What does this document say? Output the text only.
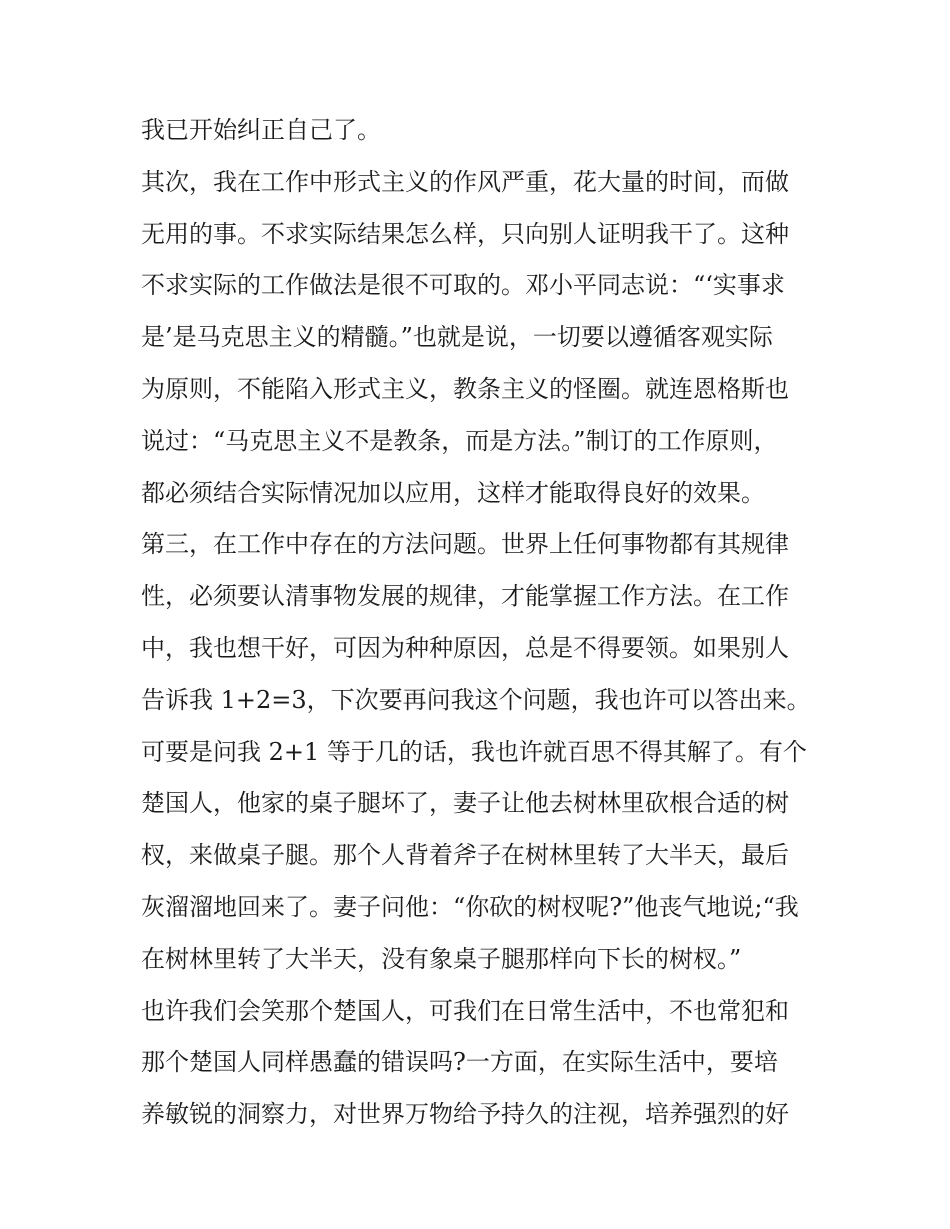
我已开始纠正自己了。
其次，我在工作中形式主义的作风严重，花大量的时间，而做
无用的事。不求实际结果怎么样，只向别人证明我干了。这种
不求实际的工作做法是很不可取的。邓小平同志说：“‘实事求
是’是马克思主义的精髓。”也就是说，一切要以遵循客观实际
为原则，不能陷入形式主义，教条主义的怪圈。就连恩格斯也
说过：“马克思主义不是教条，而是方法。”制订的工作原则，
都必须结合实际情况加以应用，这样才能取得良好的效果。
第三，在工作中存在的方法问题。世界上任何事物都有其规律
性，必须要认清事物发展的规律，才能掌握工作方法。在工作
中，我也想干好，可因为种种原因，总是不得要领。如果别人
告诉我 1+2=3，下次要再问我这个问题，我也许可以答出来。
可要是问我 2+1 等于几的话，我也许就百思不得其解了。有个
楚国人，他家的桌子腿坏了，妻子让他去树林里砍根合适的树
杈，来做桌子腿。那个人背着斧子在树林里转了大半天，最后
灰溜溜地回来了。妻子问他：“你砍的树杈呢?”他丧气地说;“我
在树林里转了大半天，没有象桌子腿那样向下长的树杈。”
也许我们会笑那个楚国人，可我们在日常生活中，不也常犯和
那个楚国人同样愚蠢的错误吗?一方面，在实际生活中，要培
养敏锐的洞察力，对世界万物给予持久的注视，培养强烈的好
